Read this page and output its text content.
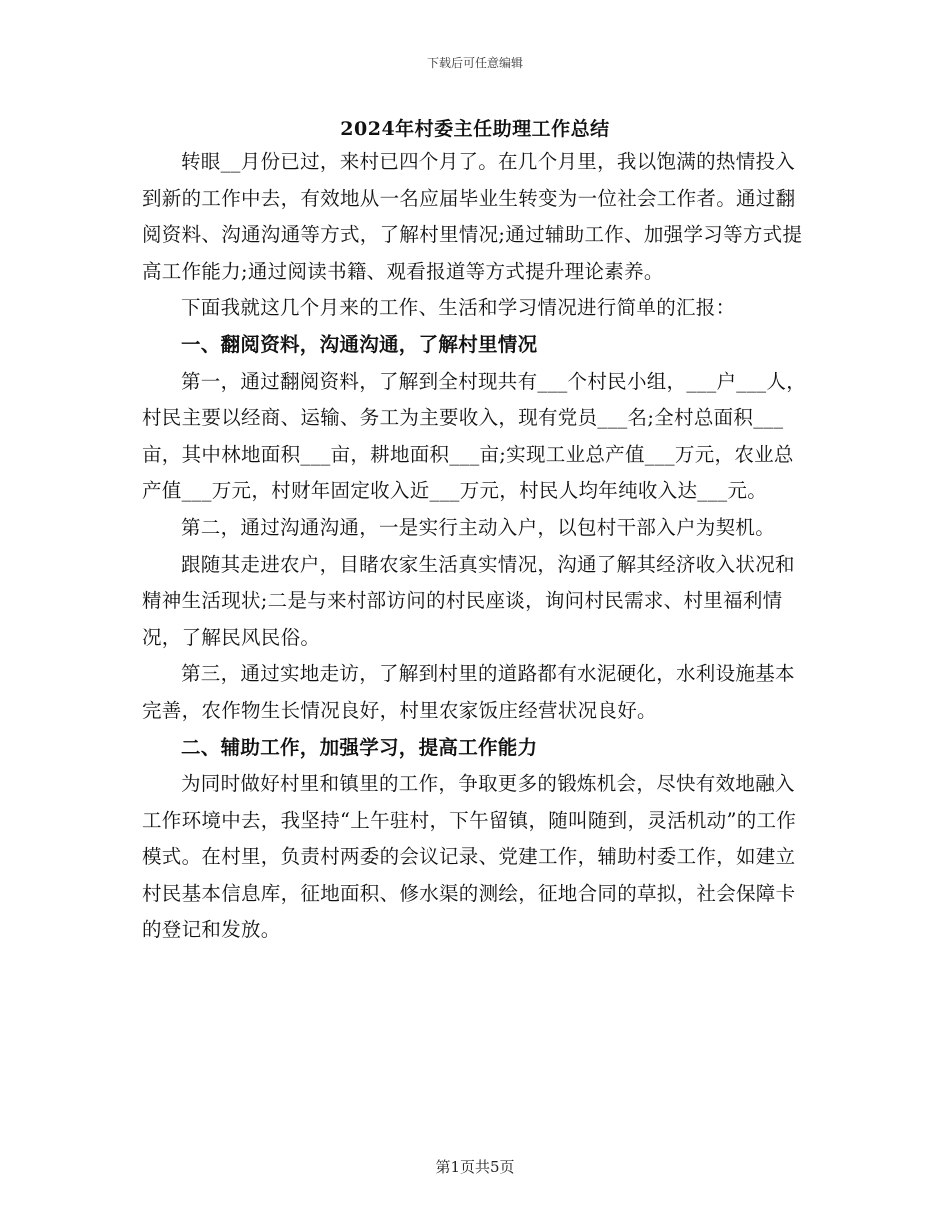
下载后可任意编辑
2024年村委主任助理工作总结

转眼__月份已过，来村已四个月了。在几个月里，我以饱满的热情投入到新的工作中去，有效地从一名应届毕业生转变为一位社会工作者。通过翻阅资料、沟通沟通等方式，了解村里情况;通过辅助工作、加强学习等方式提高工作能力;通过阅读书籍、观看报道等方式提升理论素养。

下面我就这几个月来的工作、生活和学习情况进行简单的汇报：

一、翻阅资料，沟通沟通，了解村里情况

第一，通过翻阅资料，了解到全村现共有___个村民小组，___户___人，村民主要以经商、运输、务工为主要收入，现有党员___名;全村总面积___亩，其中林地面积___亩，耕地面积___亩;实现工业总产值___万元，农业总产值___万元，村财年固定收入近___万元，村民人均年纯收入达___元。

第二，通过沟通沟通，一是实行主动入户，以包村干部入户为契机。

跟随其走进农户，目睹农家生活真实情况，沟通了解其经济收入状况和精神生活现状;二是与来村部访问的村民座谈，询问村民需求、村里福利情况，了解民风民俗。

第三，通过实地走访，了解到村里的道路都有水泥硬化，水利设施基本完善，农作物生长情况良好，村里农家饭庄经营状况良好。

二、辅助工作，加强学习，提高工作能力

为同时做好村里和镇里的工作，争取更多的锻炼机会，尽快有效地融入工作环境中去，我坚持“上午驻村，下午留镇，随叫随到，灵活机动”的工作模式。在村里，负责村两委的会议记录、党建工作，辅助村委工作，如建立村民基本信息库，征地面积、修水渠的测绘，征地合同的草拟，社会保障卡的登记和发放。

第1页共5页
